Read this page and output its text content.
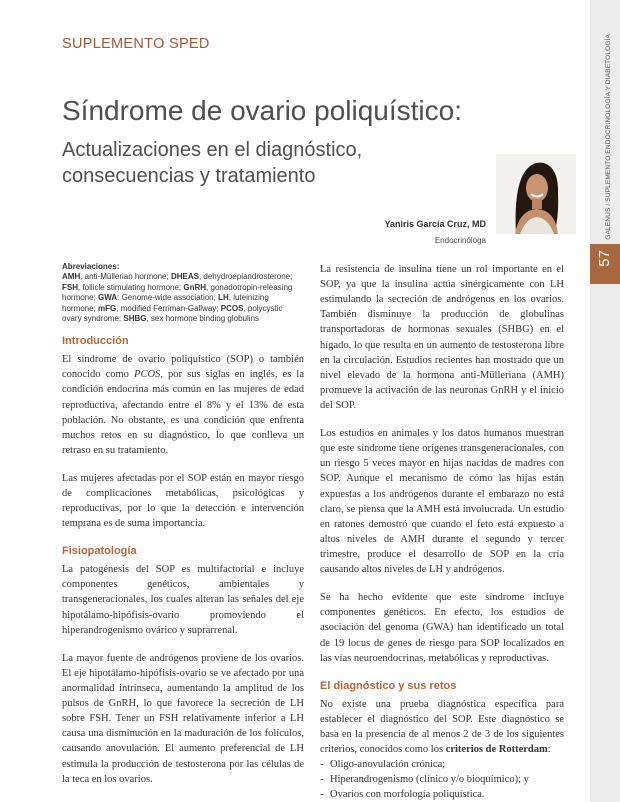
SUPLEMENTO SPED
Síndrome de ovario poliquístico:
Actualizaciones en el diagnóstico, consecuencias y tratamiento
Yaniris García Cruz, MD
Endocrinóloga
GALENUS / SUPLEMENTO ENDOCRINOLOGÍA Y DIABETOLOGÍA
57
Abreviaciones:
AMH, anti-Müllerian hormone; DHEAS, dehydroepiandrosterone; FSH, follicle stimulating hormone; GnRH, gonadotropin-releasing hormone; GWA: Genome-wide association; LH, luteinizing hormone; mFG, modified Ferriman-Gallway; PCOS, polycystic ovary syndrome; SHBG, sex hormone binding globulins
Introducción

El síndrome de ovario poliquístico (SOP) o también conocido como PCOS, por sus siglas en inglés, es la condición endocrina más común en las mujeres de edad reproductiva, afectando entre el 8% y el 13% de esta población. No obstante, es una condición que enfrenta muchos retos en su diagnóstico, lo que conlleva un retraso en su tratamiento.

Las mujeres afectadas por el SOP están en mayor riesgo de complicaciones metabólicas, psicológicas y reproductivas, por lo que la detección e intervención temprana es de suma importancia.

Fisiopatología

La patogénesis del SOP es multifactorial e incluye componentes genéticos, ambientales y transgeneracionales, los cuales alteran las señales del eje hipotálamo-hipófisis-ovario promoviendo el hiperandrogenismo ovárico y suprarrenal.

La mayor fuente de andrógenos proviene de los ovarios. El eje hipotálamo-hipófisis-ovario se ve afectado por una anormalidad intrínseca, aumentando la amplitud de los pulsos de GnRH, lo que favorece la secreción de LH sobre FSH. Tener un FSH relativamente inferior a LH causa una disminución en la maduración de los folículos, causando anovulación. El aumento preferencial de LH estimula la producción de testosterona por las células de la teca en los ovarios.

La resistencia de insulina tiene un rol importante en el SOP, ya que la insulina actúa sinérgicamente con LH estimulando la secreción de andrógenos en los ovarios. También disminuye la producción de globulinas transportadoras de hormonas sexuales (SHBG) en el hígado, lo que resulta en un aumento de testosterona libre en la circulación. Estudios recientes han mostrado que un nivel elevado de la hormona anti-Mülleriana (AMH) promueve la activación de las neuronas GnRH y el inicio del SOP.

Los estudios en animales y los datos humanos muestran que este síndrome tiene orígenes transgeneracionales, con un riesgo 5 veces mayor en hijas nacidas de madres con SOP. Aunque el mecanismo de cómo las hijas están expuestas a los andrógenos durante el embarazo no está claro, se piensa que la AMH está involucrada. Un estudio en ratones demostró que cuando el feto está expuesto a altos niveles de AMH durante el segundo y tercer trimestre, produce el desarrollo de SOP en la cría causando altos niveles de LH y andrógenos.

Se ha hecho evidente que este síndrome incluye componentes genéticos. En efecto, los estudios de asociación del genoma (GWA) han identificado un total de 19 locus de genes de riesgo para SOP localizados en las vías neuroendocrinas, metabólicas y reproductivas.

El diagnóstico y sus retos

No existe una prueba diagnóstica específica para establecer el diagnóstico del SOP. Este diagnóstico se basa en la presencia de al menos 2 de 3 de los siguientes criterios, conocidos como los criterios de Rotterdam:

- Oligo-anovulación crónica;
- Hiperandrogenismo (clínico y/o bioquímico); y
- Ovarios con morfología poliquística.
